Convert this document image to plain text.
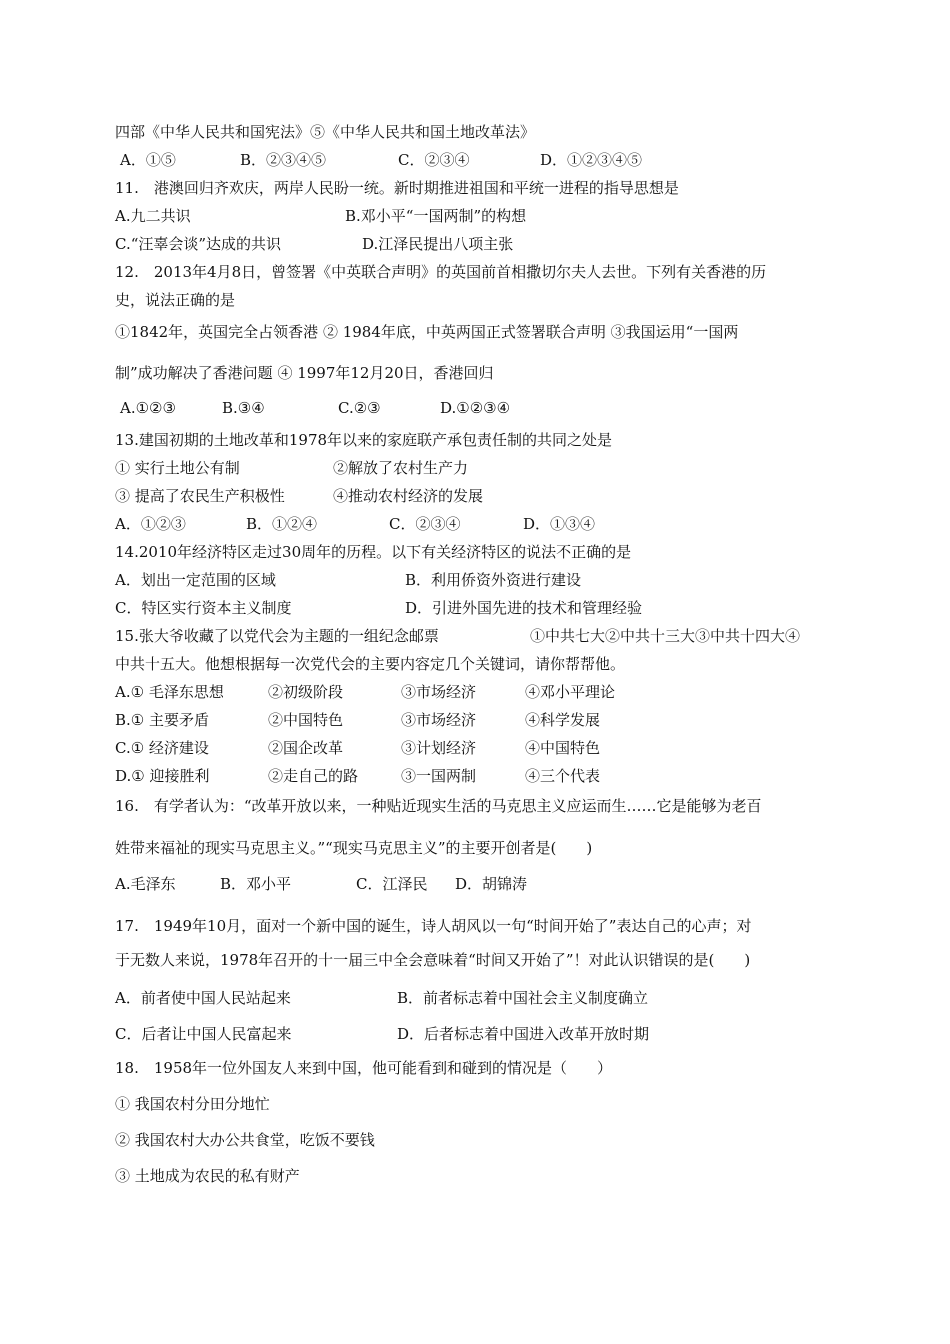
四部《中华人民共和国宪法》⑤《中华人民共和国土地改革法》
A．①⑤	B．②③④⑤	C．②③④	D．①②③④⑤
11.　港澳回归齐欢庆，两岸人民盼一统。新时期推进祖国和平统一进程的指导思想是
A.九二共识	B.邓小平“一国两制”的构想
C.“汪辜会谈”达成的共识	D.江泽民提出八项主张
12.　2013年4月8日，曾签署《中英联合声明》的英国前首相撒切尔夫人去世。下列有关香港的历
史，说法正确的是
①1842年，英国完全占领香港 ② 1984年底，中英两国正式签署联合声明 ③我国运用“一国两
制”成功解决了香港问题 ④ 1997年12月20日，香港回归
A.①②③	B.③④	C.②③	D.①②③④
13.建国初期的土地改革和1978年以来的家庭联产承包责任制的共同之处是
① 实行土地公有制	②解放了农村生产力
③ 提高了农民生产积极性	④推动农村经济的发展
A．①②③	B．①②④	C．②③④	D．①③④
14.2010年经济特区走过30周年的历程。以下有关经济特区的说法不正确的是
A．划出一定范围的区域	B．利用侨资外资进行建设
C．特区实行资本主义制度	D．引进外国先进的技术和管理经验
15.张大爷收藏了以党代会为主题的一组纪念邮票	①中共七大②中共十三大③中共十四大④
中共十五大。他想根据每一次党代会的主要内容定几个关键词，请你帮帮他。
A.① 毛泽东思想	②初级阶段	③市场经济	④邓小平理论
B.① 主要矛盾	②中国特色	③市场经济	④科学发展
C.① 经济建设	②国企改革	③计划经济	④中国特色
D.① 迎接胜利	②走自己的路	③一国两制	④三个代表
16.　有学者认为：“改革开放以来，一种贴近现实生活的马克思主义应运而生……它是能够为老百
姓带来福祉的现实马克思主义。”“现实马克思主义”的主要开创者是(　　)
A.毛泽东	B．邓小平	C．江泽民 D．胡锦涛
17.　1949年10月，面对一个新中国的诞生，诗人胡风以一句“时间开始了”表达自己的心声；对
于无数人来说，1978年召开的十一届三中全会意味着“时间又开始了”！对此认识错误的是(　　)
A．前者使中国人民站起来	B．前者标志着中国社会主义制度确立
C．后者让中国人民富起来	D．后者标志着中国进入改革开放时期
18.　1958年一位外国友人来到中国，他可能看到和碰到的情况是（　　）
① 我国农村分田分地忙
② 我国农村大办公共食堂，吃饭不要钱
③ 土地成为农民的私有财产
